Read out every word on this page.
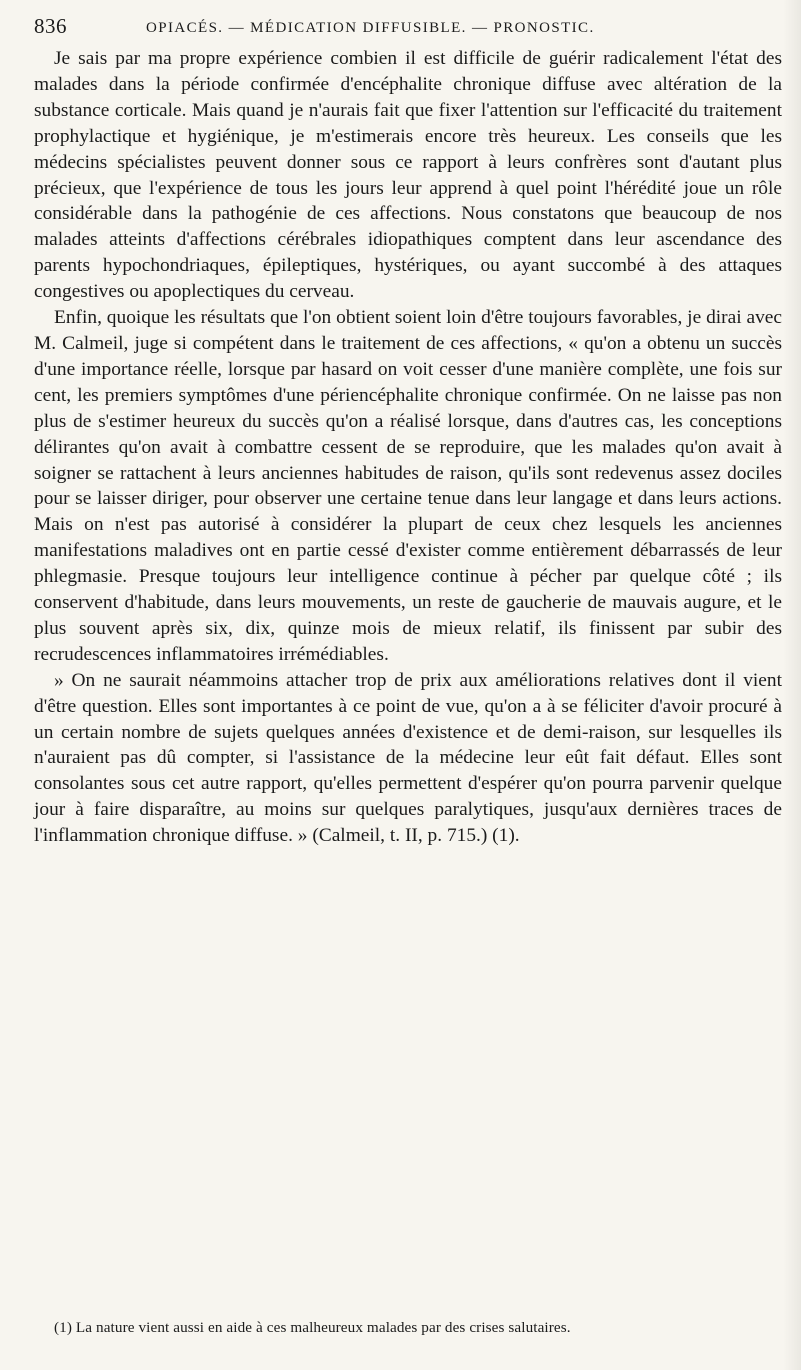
836	OPIACÉS. — MÉDICATION DIFFUSIBLE. — PRONOSTIC.

Je sais par ma propre expérience combien il est difficile de guérir radicalement l'état des malades dans la période confirmée d'encéphalite chronique diffuse avec altération de la substance corticale. Mais quand je n'aurais fait que fixer l'attention sur l'efficacité du traitement prophylactique et hygiénique, je m'estimerais encore très heureux. Les conseils que les médecins spécialistes peuvent donner sous ce rapport à leurs confrères sont d'autant plus précieux, que l'expérience de tous les jours leur apprend à quel point l'hérédité joue un rôle considérable dans la pathogénie de ces affections. Nous constatons que beaucoup de nos malades atteints d'affections cérébrales idiopathiques comptent dans leur ascendance des parents hypochondriaques, épileptiques, hystériques, ou ayant succombé à des attaques congestives ou apoplectiques du cerveau.

Enfin, quoique les résultats que l'on obtient soient loin d'être toujours favorables, je dirai avec M. Calmeil, juge si compétent dans le traitement de ces affections, « qu'on a obtenu un succès d'une importance réelle, lorsque par hasard on voit cesser d'une manière complète, une fois sur cent, les premiers symptômes d'une périencéphalite chronique confirmée. On ne laisse pas non plus de s'estimer heureux du succès qu'on a réalisé lorsque, dans d'autres cas, les conceptions délirantes qu'on avait à combattre cessent de se reproduire, que les malades qu'on avait à soigner se rattachent à leurs anciennes habitudes de raison, qu'ils sont redevenus assez dociles pour se laisser diriger, pour observer une certaine tenue dans leur langage et dans leurs actions. Mais on n'est pas autorisé à considérer la plupart de ceux chez lesquels les anciennes manifestations maladives ont en partie cessé d'exister comme entièrement débarrassés de leur phlegmasie. Presque toujours leur intelligence continue à pécher par quelque côté ; ils conservent d'habitude, dans leurs mouvements, un reste de gaucherie de mauvais augure, et le plus souvent après six, dix, quinze mois de mieux relatif, ils finissent par subir des recrudescences inflammatoires irrémédiables.

» On ne saurait néammoins attacher trop de prix aux améliorations relatives dont il vient d'être question. Elles sont importantes à ce point de vue, qu'on a à se féliciter d'avoir procuré à un certain nombre de sujets quelques années d'existence et de demi-raison, sur lesquelles ils n'auraient pas dû compter, si l'assistance de la médecine leur eût fait défaut. Elles sont consolantes sous cet autre rapport, qu'elles permettent d'espérer qu'on pourra parvenir quelque jour à faire disparaître, au moins sur quelques paralytiques, jusqu'aux dernières traces de l'inflammation chronique diffuse. » (Calmeil, t. II, p. 715.) (1).

(1) La nature vient aussi en aide à ces malheureux malades par des crises salutaires.
